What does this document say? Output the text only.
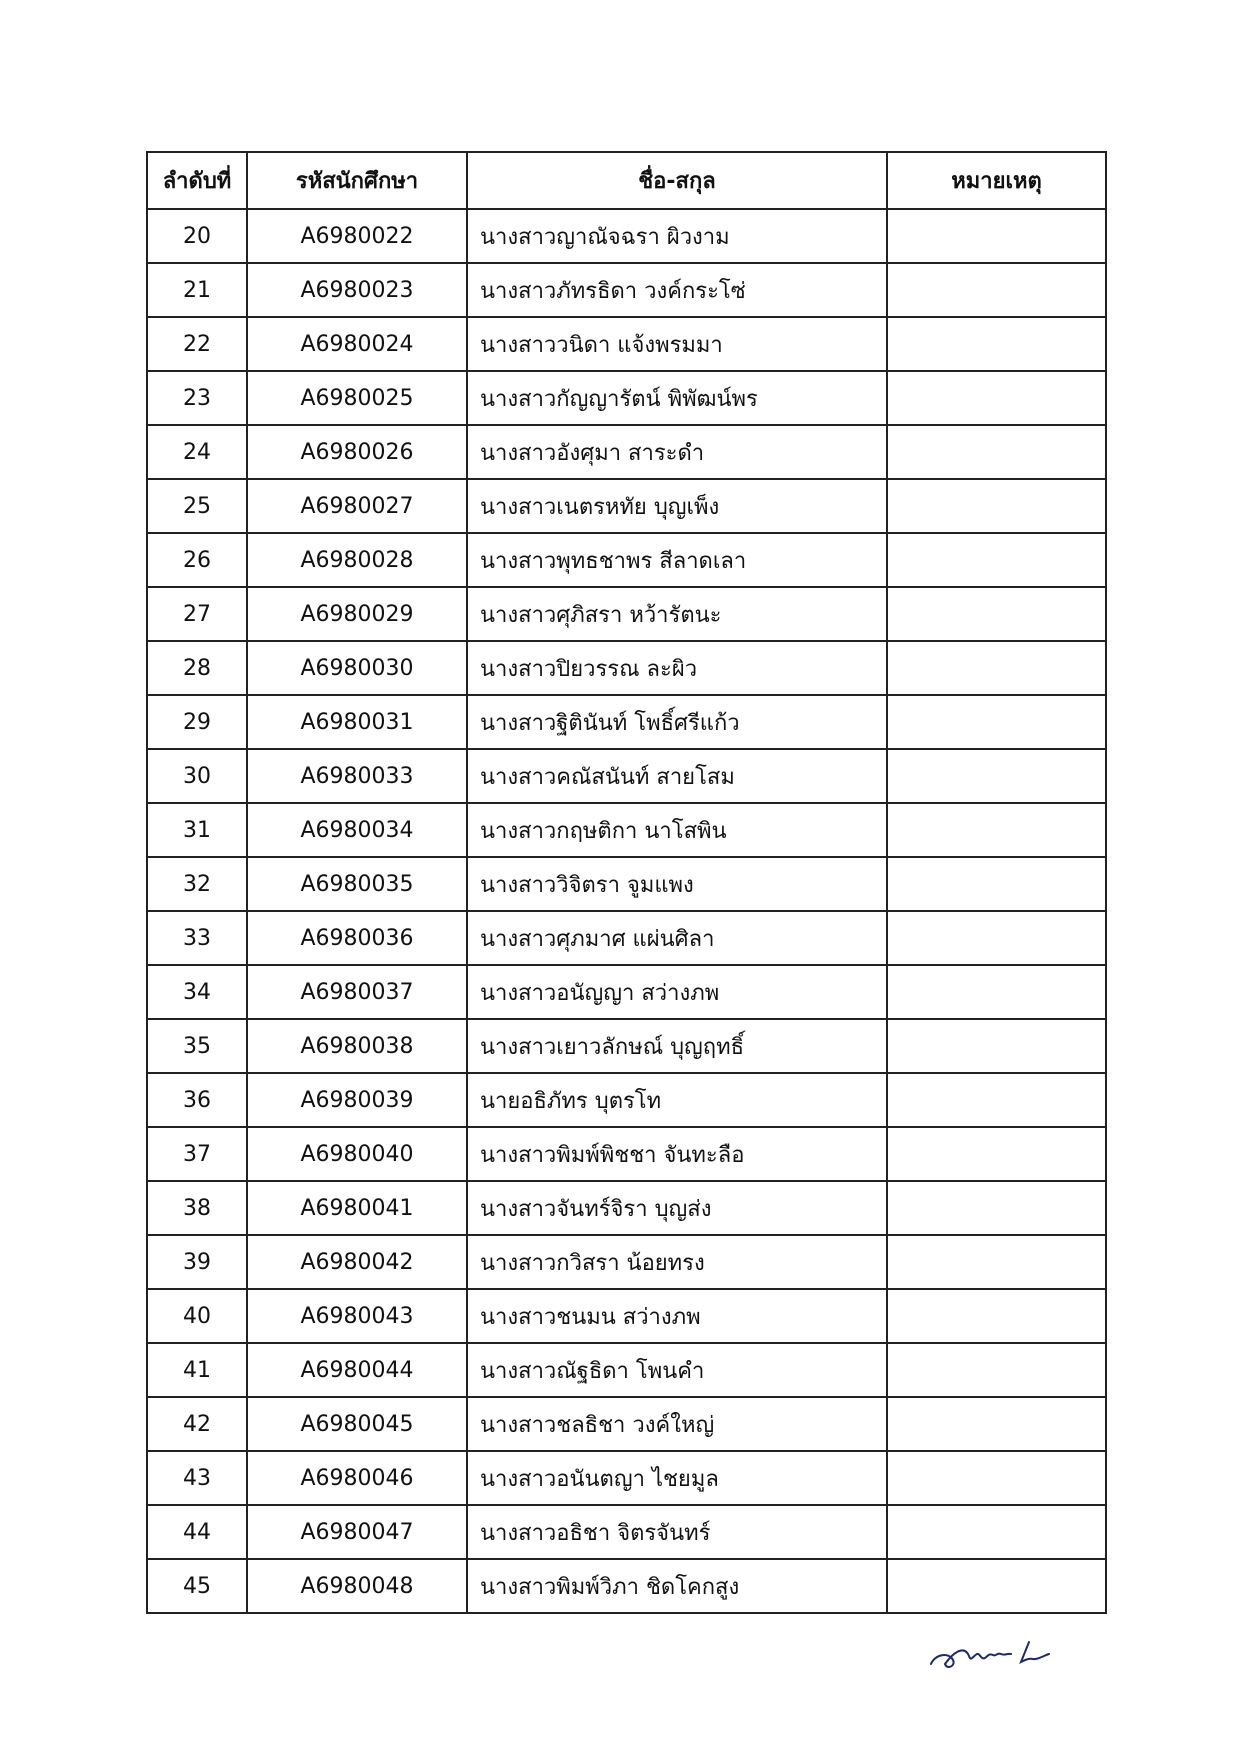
ลำดับที่	รหัสนักศึกษา	ชื่อ-สกุล	หมายเหตุ
20	A6980022	นางสาวญาณัจฉรา ผิวงาม	
21	A6980023	นางสาวภัทรธิดา วงค์กระโซ่	
22	A6980024	นางสาววนิดา แจ้งพรมมา	
23	A6980025	นางสาวกัญญารัตน์ พิพัฒน์พร	
24	A6980026	นางสาวอังศุมา สาระดำ	
25	A6980027	นางสาวเนตรหทัย บุญเพ็ง	
26	A6980028	นางสาวพุทธชาพร สีลาดเลา	
27	A6980029	นางสาวศุภิสรา หว้ารัตนะ	
28	A6980030	นางสาวปิยวรรณ ละผิว	
29	A6980031	นางสาวฐิตินันท์ โพธิ์ศรีแก้ว	
30	A6980033	นางสาวคณัสนันท์ สายโสม	
31	A6980034	นางสาวกฤษติกา นาโสพิน	
32	A6980035	นางสาววิจิตรา จูมแพง	
33	A6980036	นางสาวศุภมาศ แผ่นศิลา	
34	A6980037	นางสาวอนัญญา สว่างภพ	
35	A6980038	นางสาวเยาวลักษณ์ บุญฤทธิ์	
36	A6980039	นายอธิภัทร บุตรโท	
37	A6980040	นางสาวพิมพ์พิชชา จันทะลือ	
38	A6980041	นางสาวจันทร์จิรา บุญส่ง	
39	A6980042	นางสาวกวิสรา น้อยทรง	
40	A6980043	นางสาวชนมน สว่างภพ	
41	A6980044	นางสาวณัฐธิดา โพนคำ	
42	A6980045	นางสาวชลธิชา วงค์ใหญ่	
43	A6980046	นางสาวอนันตญา ไชยมูล	
44	A6980047	นางสาวอธิชา จิตรจันทร์	
45	A6980048	นางสาวพิมพ์วิภา ชิดโคกสูง	
